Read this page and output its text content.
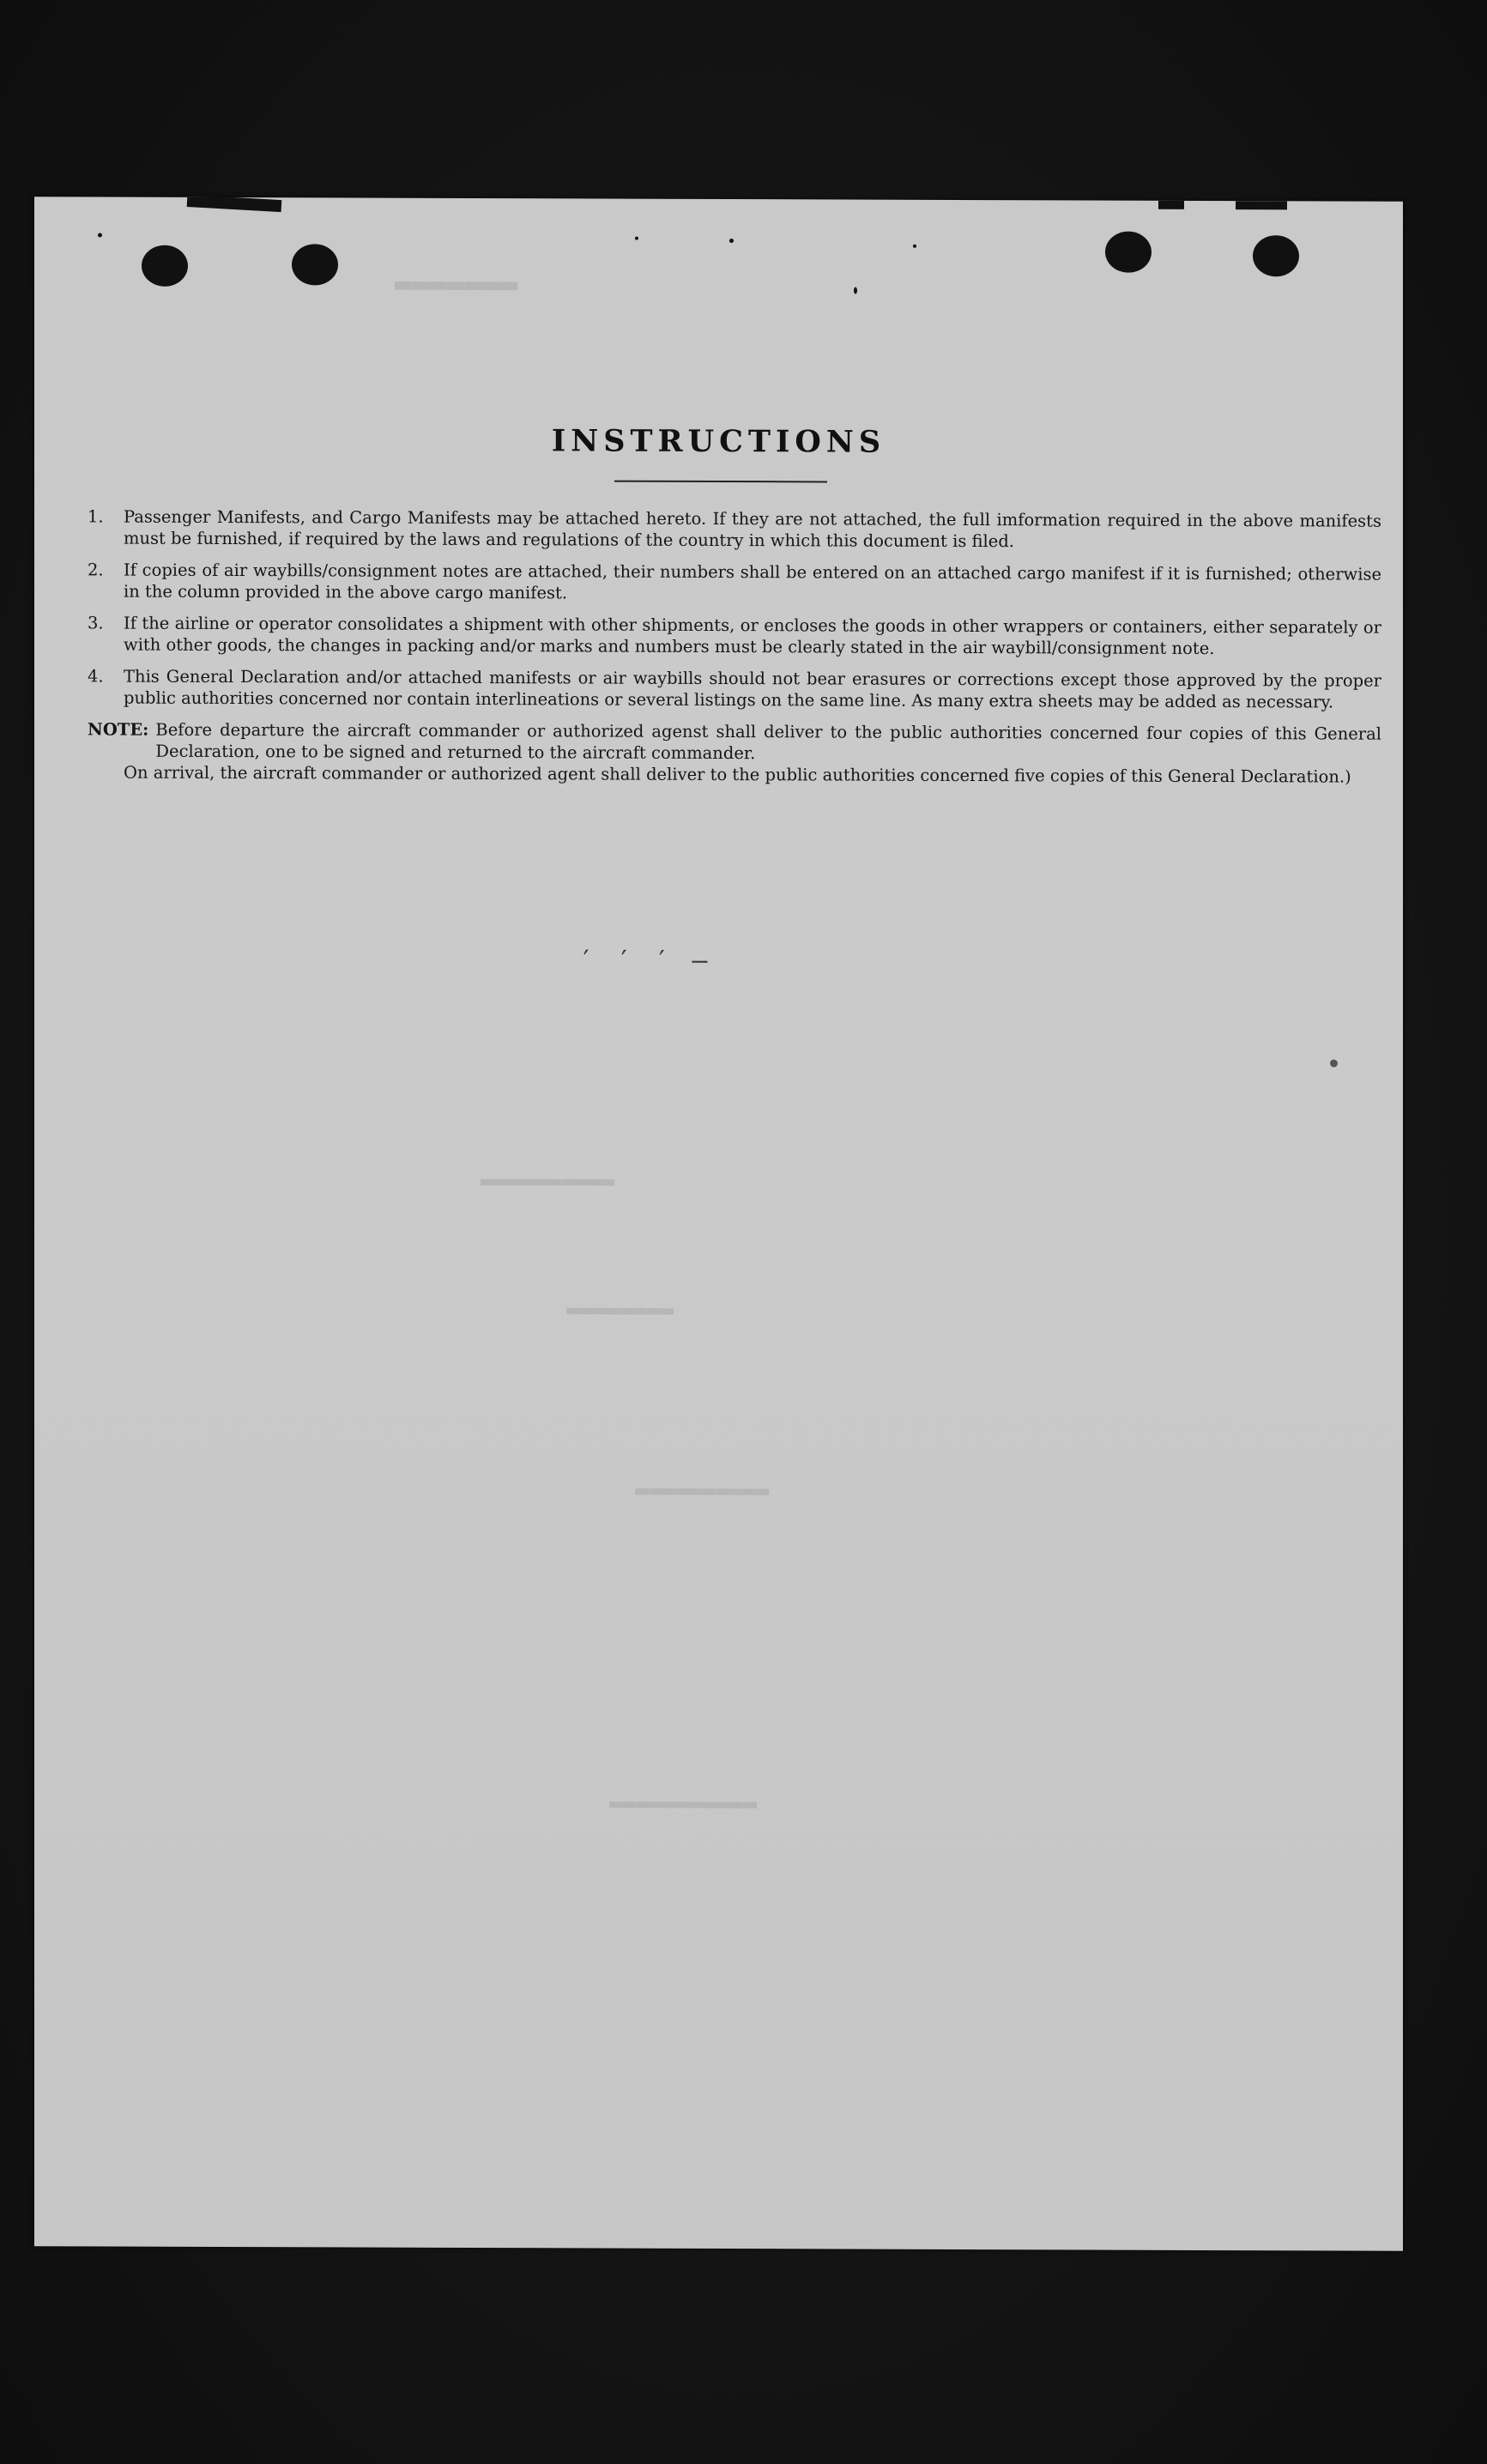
▬▬▬▬▬▬▬
▬▬▬▬▬▬▬▬▬▬
▬▬▬▬▬▬▬▬
▬▬▬▬▬▬▬▬▬▬
▬▬▬▬▬▬▬▬▬▬▬
INSTRUCTIONS
1.	Passenger Manifests, and Cargo Manifests may be attached hereto. If they are not attached, the full imformation required in the above manifests must be furnished, if required by the laws and regulations of the country in which this document is filed.
2.	If copies of air waybills/consignment notes are attached, their numbers shall be entered on an attached cargo manifest if it is furnished; otherwise in the column provided in the above cargo manifest.
3.	If the airline or operator consolidates a shipment with other shipments, or encloses the goods in other wrappers or containers, either separately or with other goods, the changes in packing and/or marks and numbers must be clearly stated in the air waybill/consignment note.
4.	This General Declaration and/or attached manifests or air waybills should not bear erasures or corrections except those approved by the proper public authorities concerned nor contain interlineations or several listings on the same line. As many extra sheets may be added as necessary.
NOTE: Before departure the aircraft commander or authorized agenst shall deliver to the public authorities concerned four copies of this General Declaration, one to be signed and returned to the aircraft commander.
On arrival, the aircraft commander or authorized agent shall deliver to the public authorities concerned five copies of this General Declaration.)
′ ′ ′ —
